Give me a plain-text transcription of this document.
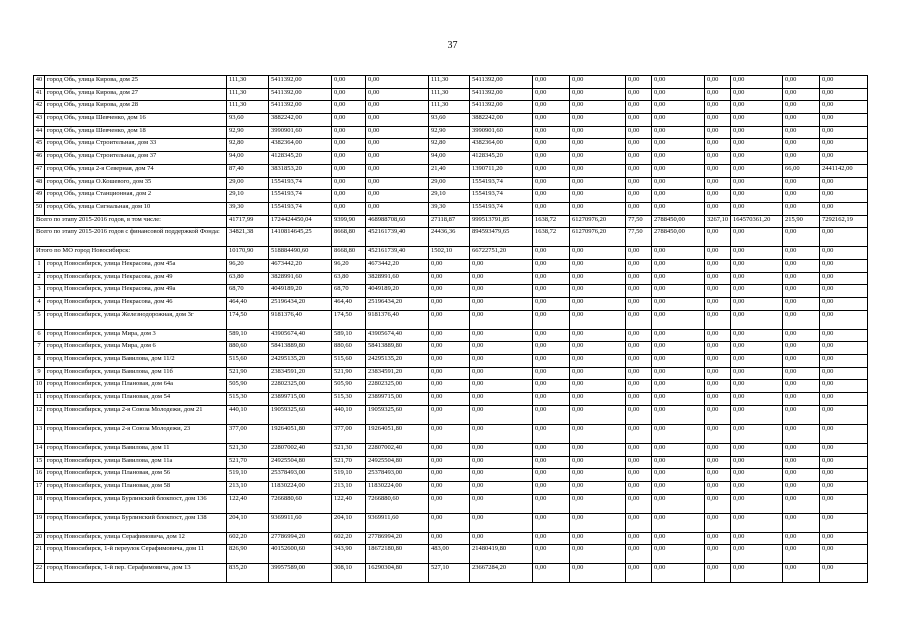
37
40	город Обь, улица Кирова, дом 25	111,30	5411392,00	0,00	0,00	111,30	5411392,00	0,00	0,00	0,00	0,00	0,00	0,00	0,00	0,00
41	город Обь, улица Кирова, дом 27	111,30	5411392,00	0,00	0,00	111,30	5411392,00	0,00	0,00	0,00	0,00	0,00	0,00	0,00	0,00
42	город Обь, улица Кирова, дом 28	111,30	5411392,00	0,00	0,00	111,30	5411392,00	0,00	0,00	0,00	0,00	0,00	0,00	0,00	0,00
43	город Обь, улица Шевченко, дом 16	93,60	3882242,00	0,00	0,00	93,60	3882242,00	0,00	0,00	0,00	0,00	0,00	0,00	0,00	0,00
44	город Обь, улица Шевченко, дом 18	92,90	3990901,60	0,00	0,00	92,90	3990901,60	0,00	0,00	0,00	0,00	0,00	0,00	0,00	0,00
45	город Обь, улица Строительная, дом 33	92,80	4382364,00	0,00	0,00	92,80	4382364,00	0,00	0,00	0,00	0,00	0,00	0,00	0,00	0,00
46	город Обь, улица Строительная, дом 37	94,00	4128345,20	0,00	0,00	94,00	4128345,20	0,00	0,00	0,00	0,00	0,00	0,00	0,00	0,00
47	город Обь, улица 2-я Северная, дом 74	87,40	3831853,20	0,00	0,00	21,40	1390711,20	0,00	0,00	0,00	0,00	0,00	0,00	66,00	2441142,00
48	город Обь, улица О.Кошевого, дом 35	29,00	1554193,74	0,00	0,00	29,00	1554193,74	0,00	0,00	0,00	0,00	0,00	0,00	0,00	0,00
49	город Обь, улица Станционная, дом 2	29,10	1554193,74	0,00	0,00	29,10	1554193,74	0,00	0,00	0,00	0,00	0,00	0,00	0,00	0,00
50	город Обь, улица Сигнальная, дом 10	39,30	1554193,74	0,00	0,00	39,30	1554193,74	0,00	0,00	0,00	0,00	0,00	0,00	0,00	0,00
Всего по этапу 2015-2016 годов, в том числе:		41717,99	1724424450,04	9399,90	468988708,60	27118,87	999513791,85	1638,72	61270976,20	77,50	2788450,00	3267,10	164570361,20	215,90	7292162,19
Всего по этапу 2015-2016 годов с финансовой поддержкой Фонда:		34821,38	1410814645,25	8668,80	452161739,40	24436,36	894593479,65	1638,72	61270976,20	77,50	2788450,00	0,00	0,00	0,00	0,00
Итого по МО город Новосибирск:		10170,90	518884490,60	8668,80	452161739,40	1502,10	66722751,20	0,00	0,00	0,00	0,00	0,00	0,00	0,00	0,00
1	город Новосибирск, улица Некрасова, дом 45а	96,20	4673442,20	96,20	4673442,20	0,00	0,00	0,00	0,00	0,00	0,00	0,00	0,00	0,00	0,00
2	город Новосибирск, улица Некрасова, дом 49	63,80	3828991,60	63,80	3828991,60	0,00	0,00	0,00	0,00	0,00	0,00	0,00	0,00	0,00	0,00
3	город Новосибирск, улица Некрасова, дом 49а	68,70	4049189,20	68,70	4049189,20	0,00	0,00	0,00	0,00	0,00	0,00	0,00	0,00	0,00	0,00
4	город Новосибирск, улица Некрасова, дом 46	464,40	25196434,20	464,40	25196434,20	0,00	0,00	0,00	0,00	0,00	0,00	0,00	0,00	0,00	0,00
5	город Новосибирск, улица Железнодорожная, дом 3г	174,50	9181376,40	174,50	9181376,40	0,00	0,00	0,00	0,00	0,00	0,00	0,00	0,00	0,00	0,00
6	город Новосибирск, улица Мира, дом 3	589,10	43905674,40	589,10	43905674,40	0,00	0,00	0,00	0,00	0,00	0,00	0,00	0,00	0,00	0,00
7	город Новосибирск, улица Мира, дом 6	880,60	58413889,80	880,60	58413889,80	0,00	0,00	0,00	0,00	0,00	0,00	0,00	0,00	0,00	0,00
8	город Новосибирск, улица Вавилова, дом 11/2	515,60	24295135,20	515,60	24295135,20	0,00	0,00	0,00	0,00	0,00	0,00	0,00	0,00	0,00	0,00
9	город Новосибирск, улица Вавилова, дом 11б	521,90	23834591,20	521,90	23834591,20	0,00	0,00	0,00	0,00	0,00	0,00	0,00	0,00	0,00	0,00
10	город Новосибирск, улица Плановая, дом 64а	505,90	22802325,00	505,90	22802325,00	0,00	0,00	0,00	0,00	0,00	0,00	0,00	0,00	0,00	0,00
11	город Новосибирск, улица Плановая, дом 54	515,30	23899715,00	515,30	23899715,00	0,00	0,00	0,00	0,00	0,00	0,00	0,00	0,00	0,00	0,00
12	город Новосибирск, улица 2-я Союза Молодежи, дом 21	440,10	19059325,60	440,10	19059325,60	0,00	0,00	0,00	0,00	0,00	0,00	0,00	0,00	0,00	0,00
13	город Новосибирск, улица 2-я Союза Молодежи, 23	377,00	19264051,80	377,00	19264051,80	0,00	0,00	0,00	0,00	0,00	0,00	0,00	0,00	0,00	0,00
14	город Новосибирск, улица Вавилова, дом 11	521,30	22807002,40	521,30	22807002,40	0,00	0,00	0,00	0,00	0,00	0,00	0,00	0,00	0,00	0,00
15	город Новосибирск, улица Вавилова, дом 11а	521,70	24925504,80	521,70	24925504,80	0,00	0,00	0,00	0,00	0,00	0,00	0,00	0,00	0,00	0,00
16	город Новосибирск, улица Плановая, дом 56	519,10	25378493,00	519,10	25378493,00	0,00	0,00	0,00	0,00	0,00	0,00	0,00	0,00	0,00	0,00
17	город Новосибирск, улица Плановая, дом 58	213,10	11830224,00	213,10	11830224,00	0,00	0,00	0,00	0,00	0,00	0,00	0,00	0,00	0,00	0,00
18	город Новосибирск, улица Бурлинский блокпост, дом 136	122,40	7266880,60	122,40	7266880,60	0,00	0,00	0,00	0,00	0,00	0,00	0,00	0,00	0,00	0,00
19	город Новосибирск, улица Бурлинский блокпост, дом 138	204,10	9369911,60	204,10	9369911,60	0,00	0,00	0,00	0,00	0,00	0,00	0,00	0,00	0,00	0,00
20	город Новосибирск, улица Серафимовича, дом 12	602,20	27786994,20	602,20	27786994,20	0,00	0,00	0,00	0,00	0,00	0,00	0,00	0,00	0,00	0,00
21	город Новосибирск, 1-й переулок Серафимовича, дом 11	826,90	40152600,60	343,90	18672180,80	483,00	21480419,80	0,00	0,00	0,00	0,00	0,00	0,00	0,00	0,00
22	город Новосибирск, 1-й пер. Серафимовича, дом 13	835,20	39957589,00	308,10	16290304,80	527,10	23667284,20	0,00	0,00	0,00	0,00	0,00	0,00	0,00	0,00
